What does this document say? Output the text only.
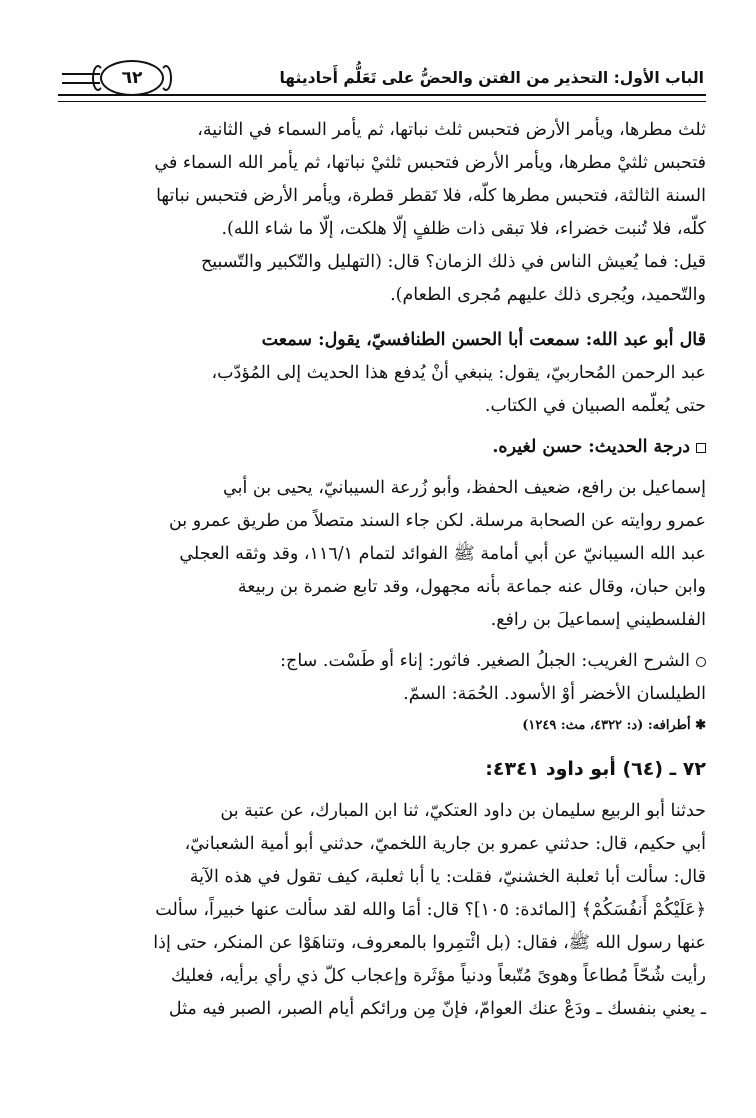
الباب الأول: التحذير من الفتن والحضُّ على تَعَلُّم أَحاديثها
٦٢

ثلث مطرها، ويأمر الأرض فتحبس ثلث نباتها، ثم يأمر السماء في الثانية،

فتحبس ثلثيْ مطرها، ويأمر الأرض فتحبس ثلثيْ نباتها، ثم يأمر الله السماء في

السنة الثالثة، فتحبس مطرها كلّه، فلا تَقطر قطرة، ويأمر الأرض فتحبس نباتها

كلّه، فلا تُنبت خضراء، فلا تبقى ذات ظلفٍ إلّا هلكت، إلّا ما شاء الله).

قيل: فما يُعيش الناس في ذلك الزمان؟ قال: (التهليل والتّكبير والتّسبيح

والتّحميد، ويُجرى ذلك عليهم مُجرى الطعام).

قال أبو عبد الله: سمعت أبا الحسن الطنافسيّ، يقول: سمعت

عبد الرحمن المُحاربيّ، يقول: ينبغي أنْ يُدفع هذا الحديث إلى المُؤدّب،

حتى يُعلّمه الصبيان في الكتاب.

درجة الحديث: حسن لغيره.

إسماعيل بن رافع، ضعيف الحفظ، وأبو زُرعة السيبانيّ، يحيى بن أبي

عمرو روايته عن الصحابة مرسلة. لكن جاء السند متصلاً من طريق عمرو بن

عبد الله السيبانيّ عن أبي أمامة ﷺ الفوائد لتمام ١١٦/١، وقد وثقه العجلي

وابن حبان، وقال عنه جماعة بأنه مجهول، وقد تابع ضمرة بن ربيعة

الفلسطيني إسماعيلَ بن رافع.

الشرح الغريب: الجبلُ الصغير. فاثور: إناء أو طَسْت. ساج:

الطيلسان الأخضر أوْ الأسود. الحُمَة: السمّ.

✱ أطرافه: (د: ٤٣٢٢، مث: ١٢٤٩)

٧٢ ـ (٦٤) أبو داود ٤٣٤١:

حدثنا أبو الربيع سليمان بن داود العتكيّ، ثنا ابن المبارك، عن عتبة بن

أبي حكيم، قال: حدثني عمرو بن جارية اللخميّ، حدثني أبو أمية الشعبانيّ،

قال: سألت أبا ثعلبة الخشنيّ، فقلت: يا أبا ثعلبة، كيف تقول في هذه الآية

﴿عَلَيْكُمْ أَنفُسَكُمْ﴾ [المائدة: ١٠٥]؟ قال: أمَا والله لقد سألت عنها خبيراً، سألت

عنها رسول الله ﷺ، فقال: (بل ائْتمِروا بالمعروف، وتناهَوْا عن المنكر، حتى إذا

رأيت شُحّاً مُطاعاً وهوىً مُتّبعاً ودنياً مؤثَرة وإعجاب كلّ ذي رأي برأيه، فعليك

ـ يعني بنفسك ـ ودَعْ عنك العوامّ، فإنّ مِن ورائكم أيام الصبر، الصبر فيه مثل
